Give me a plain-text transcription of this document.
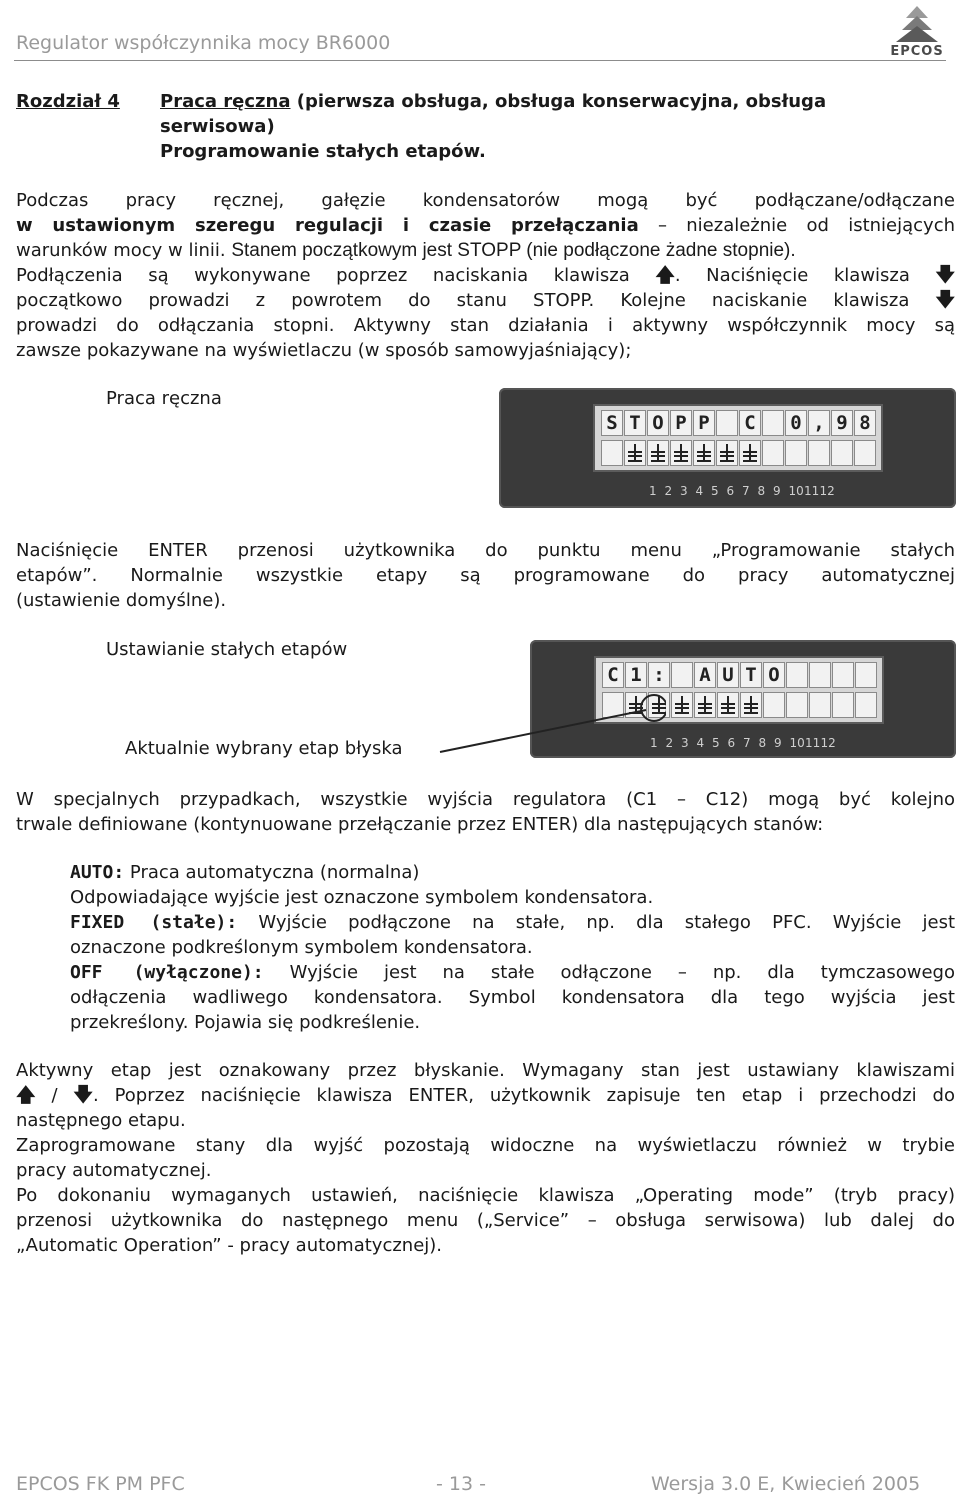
Regulator współczynnika mocy BR6000	EPCOS
Rozdział 4 Praca ręczna (pierwsza obsługa, obsługa konserwacyjna, obsługa
serwisowa)
Programowanie stałych etapów.
Podczas pracy ręcznej, gałęzie kondensatorów mogą być podłączane/odłączane
w ustawionym szeregu regulacji i czasie przełączania – niezależnie od istniejących
warunków mocy w linii. Stanem początkowym jest STOPP (nie podłączone żadne stopnie).
Podłączenia są wykonywane poprzez naciskania klawisza 🡅. Naciśnięcie klawisza 🡇
początkowo prowadzi z powrotem do stanu STOPP. Kolejne naciskanie klawisza 🡇
prowadzi do odłączania stopni. Aktywny stan działania i aktywny współczynnik mocy są
zawsze pokazywane na wyświetlaczu (w sposób samowyjaśniający);
Praca ręczna
S T O P P C 0 , 9 8
1 2 3 4 5 6 7 8 9 10 11 12
Naciśnięcie ENTER przenosi użytkownika do punktu menu „Programowanie stałych
etapów”. Normalnie wszystkie etapy są programowane do pracy automatycznej
(ustawienie domyślne).
Ustawianie stałych etapów
Aktualnie wybrany etap błyska
C 1 : A U T O
1 2 3 4 5 6 7 8 9 10 11 12
W specjalnych przypadkach, wszystkie wyjścia regulatora (C1 – C12) mogą być kolejno
trwale definiowane (kontynuowane przełączanie przez ENTER) dla następujących stanów:
AUTO: Praca automatyczna (normalna)
Odpowiadające wyjście jest oznaczone symbolem kondensatora.
FIXED (stałe): Wyjście podłączone na stałe, np. dla stałego PFC. Wyjście jest
oznaczone podkreślonym symbolem kondensatora.
OFF (wyłączone): Wyjście jest na stałe odłączone – np. dla tymczasowego
odłączenia wadliwego kondensatora. Symbol kondensatora dla tego wyjścia jest
przekreślony. Pojawia się podkreślenie.
Aktywny etap jest oznakowany przez błyskanie. Wymagany stan jest ustawiany klawiszami
🡅 / 🡇. Poprzez naciśnięcie klawisza ENTER, użytkownik zapisuje ten etap i przechodzi do
następnego etapu.
Zaprogramowane stany dla wyjść pozostają widoczne na wyświetlaczu również w trybie
pracy automatycznej.
Po dokonaniu wymaganych ustawień, naciśnięcie klawisza „Operating mode” (tryb pracy)
przenosi użytkownika do następnego menu („Service” – obsługa serwisowa) lub dalej do
„Automatic Operation” - pracy automatycznej).
EPCOS FK PM PFC	- 13 -	Wersja 3.0 E, Kwiecień 2005
